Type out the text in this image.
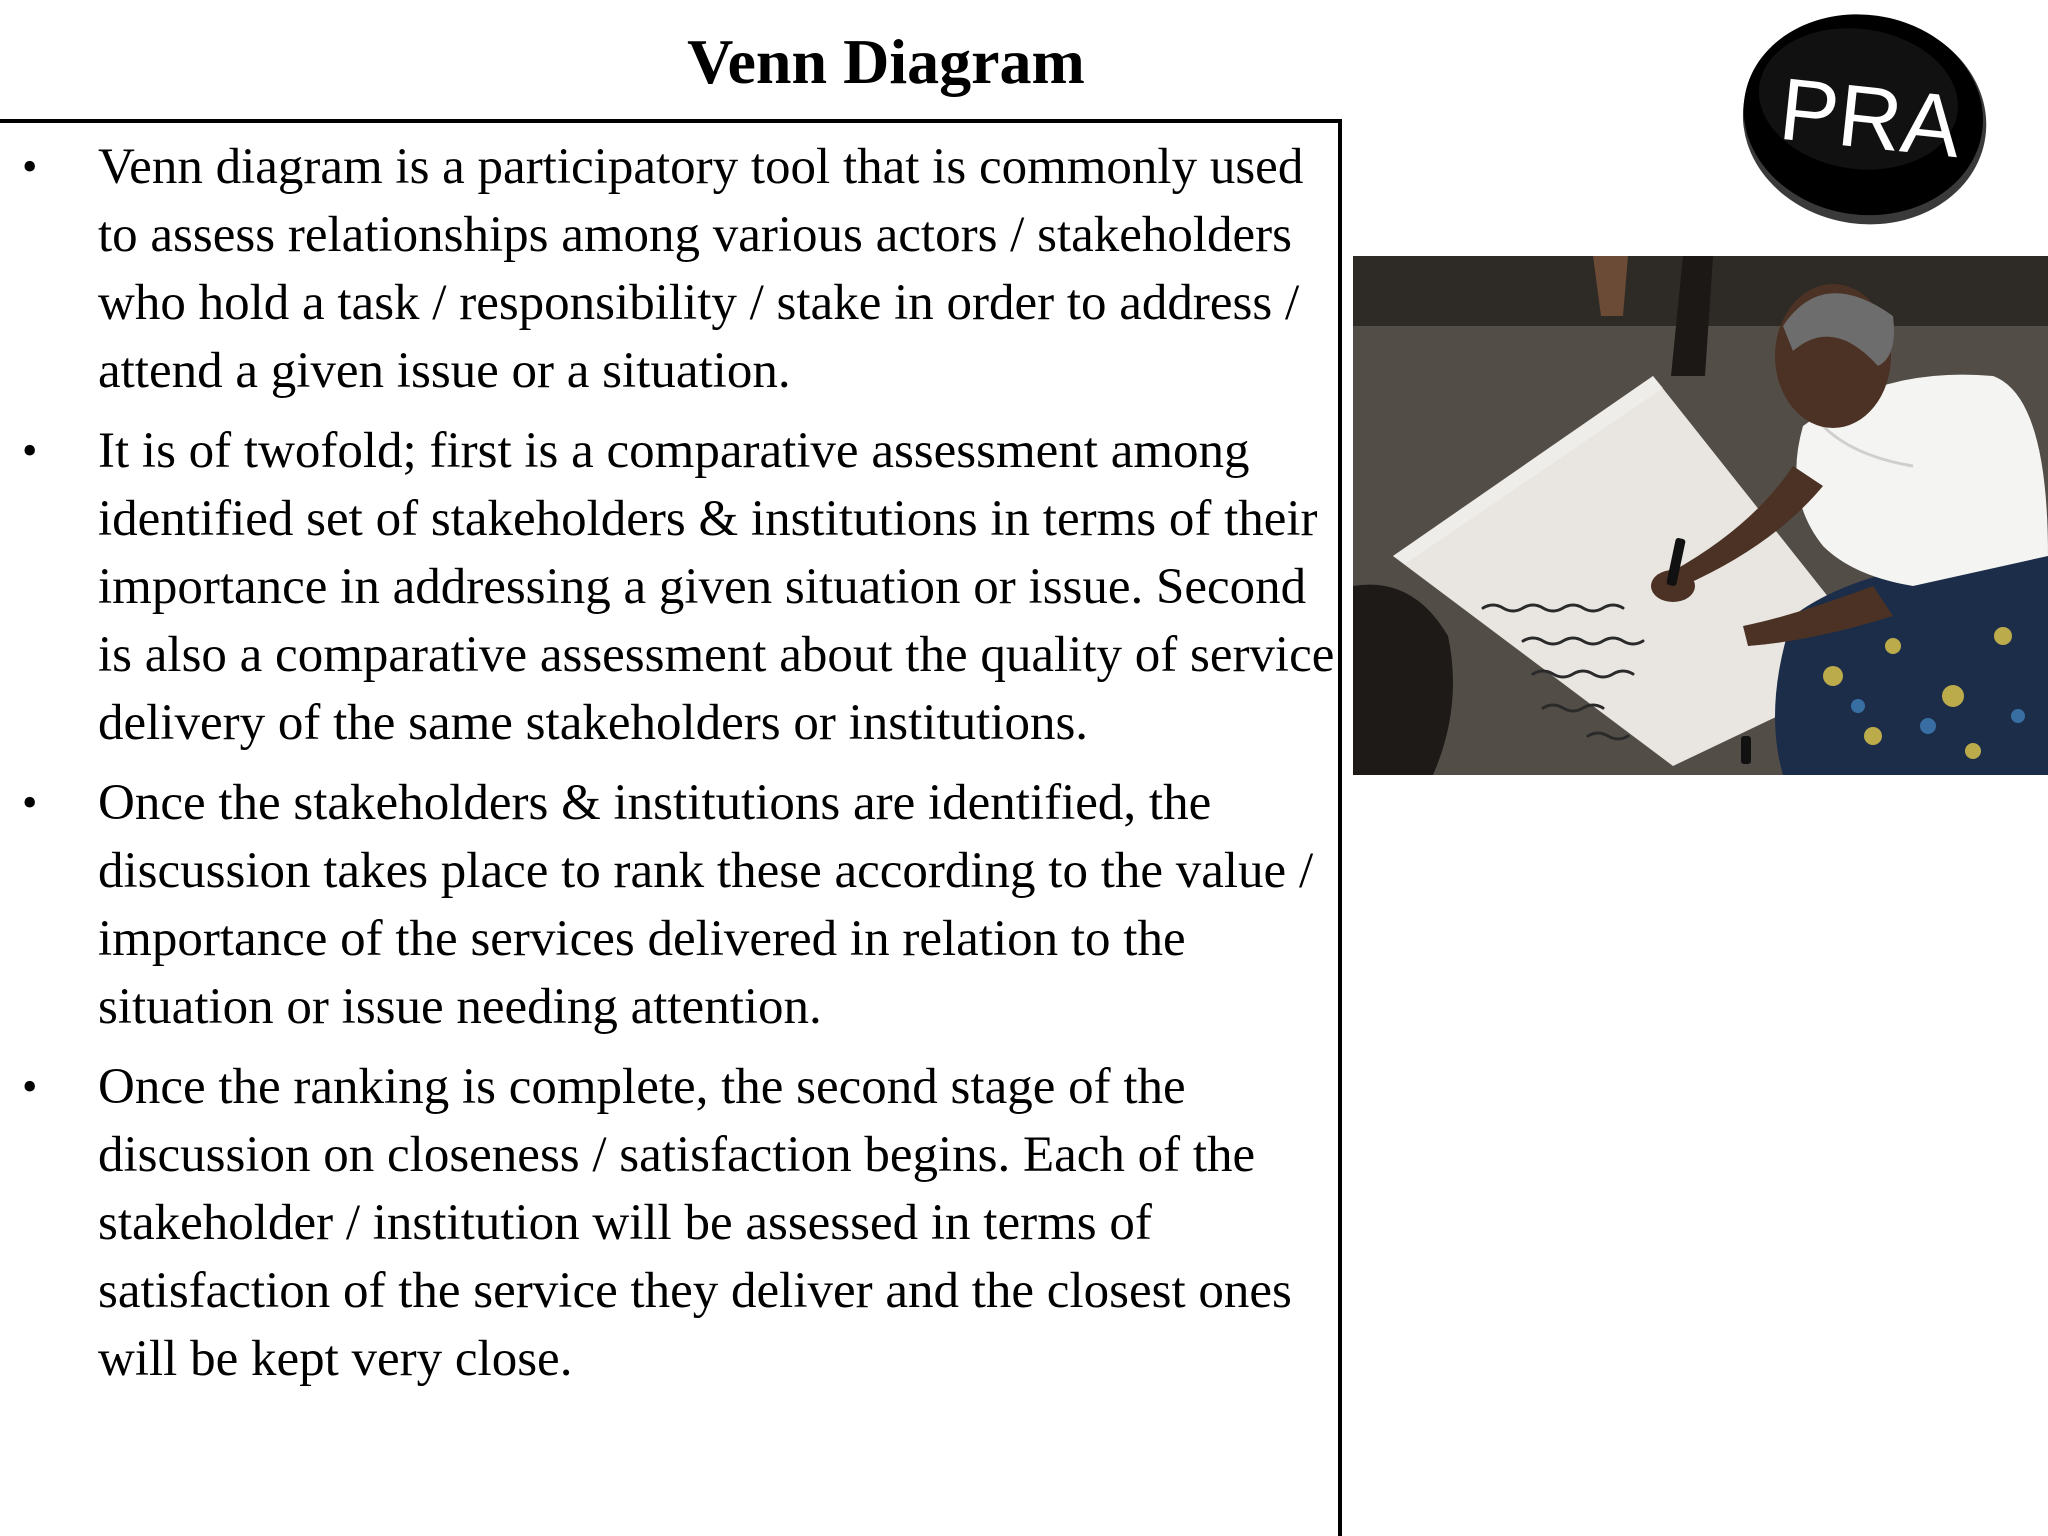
Venn Diagram
• Venn diagram is a participatory tool that is commonly used to assess relationships among various actors / stakeholders who hold a task / responsibility / stake in order to address / attend a given issue or a situation.
• It is of twofold; first is a comparative assessment among identified set of stakeholders & institutions in terms of their importance in addressing a given situation or issue. Second is also a comparative assessment about the quality of service delivery of the same stakeholders or institutions.
• Once the stakeholders & institutions are identified, the discussion takes place to rank these according to the value / importance of the services delivered in relation to the situation or issue needing attention.
• Once the ranking is complete, the second stage of the discussion on closeness / satisfaction begins. Each of the stakeholder / institution will be assessed in terms of satisfaction of the service they deliver and the closest ones will be kept very close.
PRA
